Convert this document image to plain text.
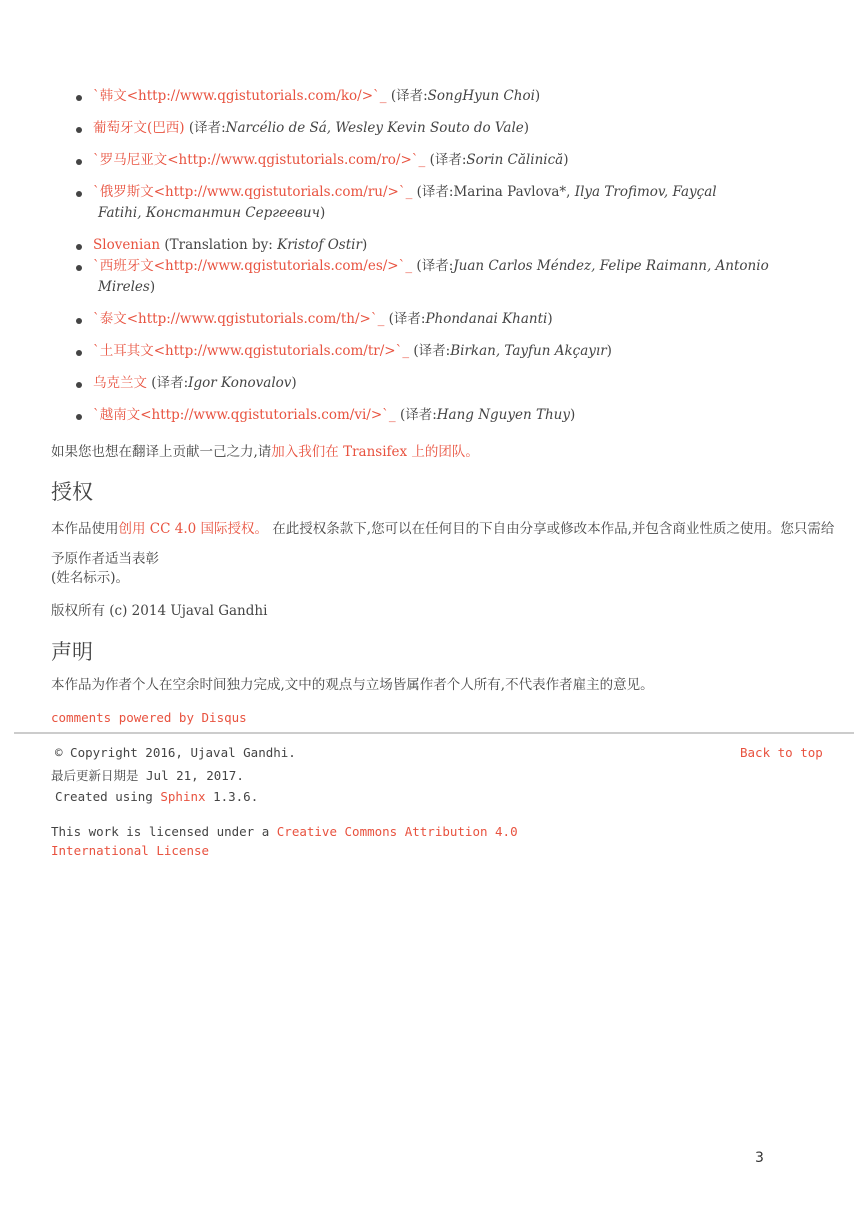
`韩文<http://www.qgistutorials.com/ko/>`_ (译者:SongHyun Choi)
葡萄牙文(巴西) (译者:Narcélio de Sá, Wesley Kevin Souto do Vale)
`罗马尼亚文<http://www.qgistutorials.com/ro/>`_ (译者:Sorin Călinică)
`俄罗斯文<http://www.qgistutorials.com/ru/>`_ (译者:Marina Pavlova*, Ilya Trofimov, Fayçal
Fatihi, Константин Сергеевич)
Slovenian (Translation by: Kristof Ostir)
`西班牙文<http://www.qgistutorials.com/es/>`_ (译者:Juan Carlos Méndez, Felipe Raimann, Antonio
Mireles)
`泰文<http://www.qgistutorials.com/th/>`_ (译者:Phondanai Khanti)
`土耳其文<http://www.qgistutorials.com/tr/>`_ (译者:Birkan, Tayfun Akçayır)
乌克兰文 (译者:Igor Konovalov)
`越南文<http://www.qgistutorials.com/vi/>`_ (译者:Hang Nguyen Thuy)
如果您也想在翻译上贡献一己之力,请加入我们在 Transifex 上的团队。
授权
本作品使用创用 CC 4.0 国际授权。 在此授权条款下,您可以在任何目的下自由分享或修改本作品,并包含商业性质之使用。您只需给予原作者适当表彰
(姓名标示)。
版权所有 (c) 2014 Ujaval Gandhi
声明
本作品为作者个人在空余时间独力完成,文中的观点与立场皆属作者个人所有,不代表作者雇主的意见。
comments powered by Disqus
© Copyright 2016, Ujaval Gandhi.	Back to top
最后更新日期是 Jul 21, 2017.
Created using Sphinx 1.3.6.
This work is licensed under a Creative Commons Attribution 4.0
International License
3
